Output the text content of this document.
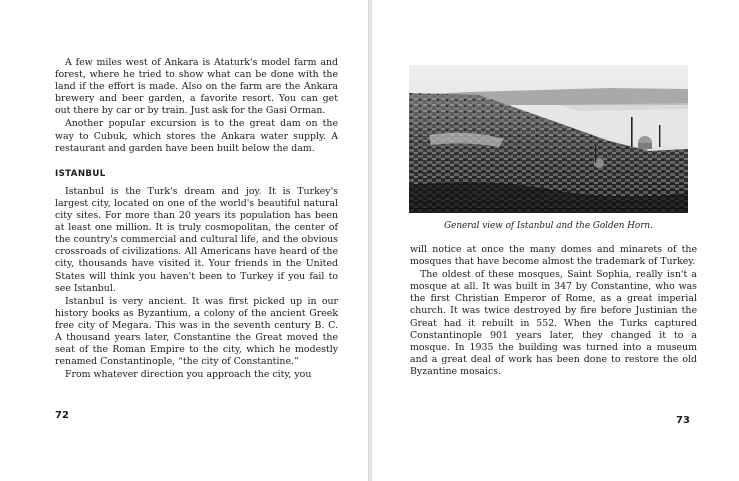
A few miles west of Ankara is Ataturk's model farm and forest, where he tried to show what can be done with the land if the effort is made. Also on the farm are the Ankara brewery and beer garden, a favorite resort. You can get out there by car or by train. Just ask for the Gasi Orman.

Another popular excursion is to the great dam on the way to Cubuk, which stores the Ankara water supply. A restaurant and garden have been built below the dam.

ISTANBUL

Istanbul is the Turk's dream and joy. It is Turkey's largest city, located on one of the world's beautiful natural city sites. For more than 20 years its population has been at least one million. It is truly cosmopolitan, the center of the country's commercial and cultural life, and the obvious crossroads of civilizations. All Americans have heard of the city, thousands have visited it. Your friends in the United States will think you haven't been to Turkey if you fail to see Istanbul.

Istanbul is very ancient. It was first picked up in our history books as Byzantium, a colony of the ancient Greek free city of Megara. This was in the seventh century B. C. A thousand years later, Constantine the Great moved the seat of the Roman Empire to the city, which he modestly renamed Constantinople, “the city of Constantine.”

From whatever direction you approach the city, you

72
General view of Istanbul and the Golden Horn.

will notice at once the many domes and minarets of the mosques that have become almost the trademark of Turkey.

The oldest of these mosques, Saint Sophia, really isn't a mosque at all. It was built in 347 by Constantine, who was the first Christian Emperor of Rome, as a great imperial church. It was twice destroyed by fire before Justinian the Great had it rebuilt in 552. When the Turks captured Constantinople 901 years later, they changed it to a mosque. In 1935 the building was turned into a museum and a great deal of work has been done to restore the old Byzantine mosaics.

73
